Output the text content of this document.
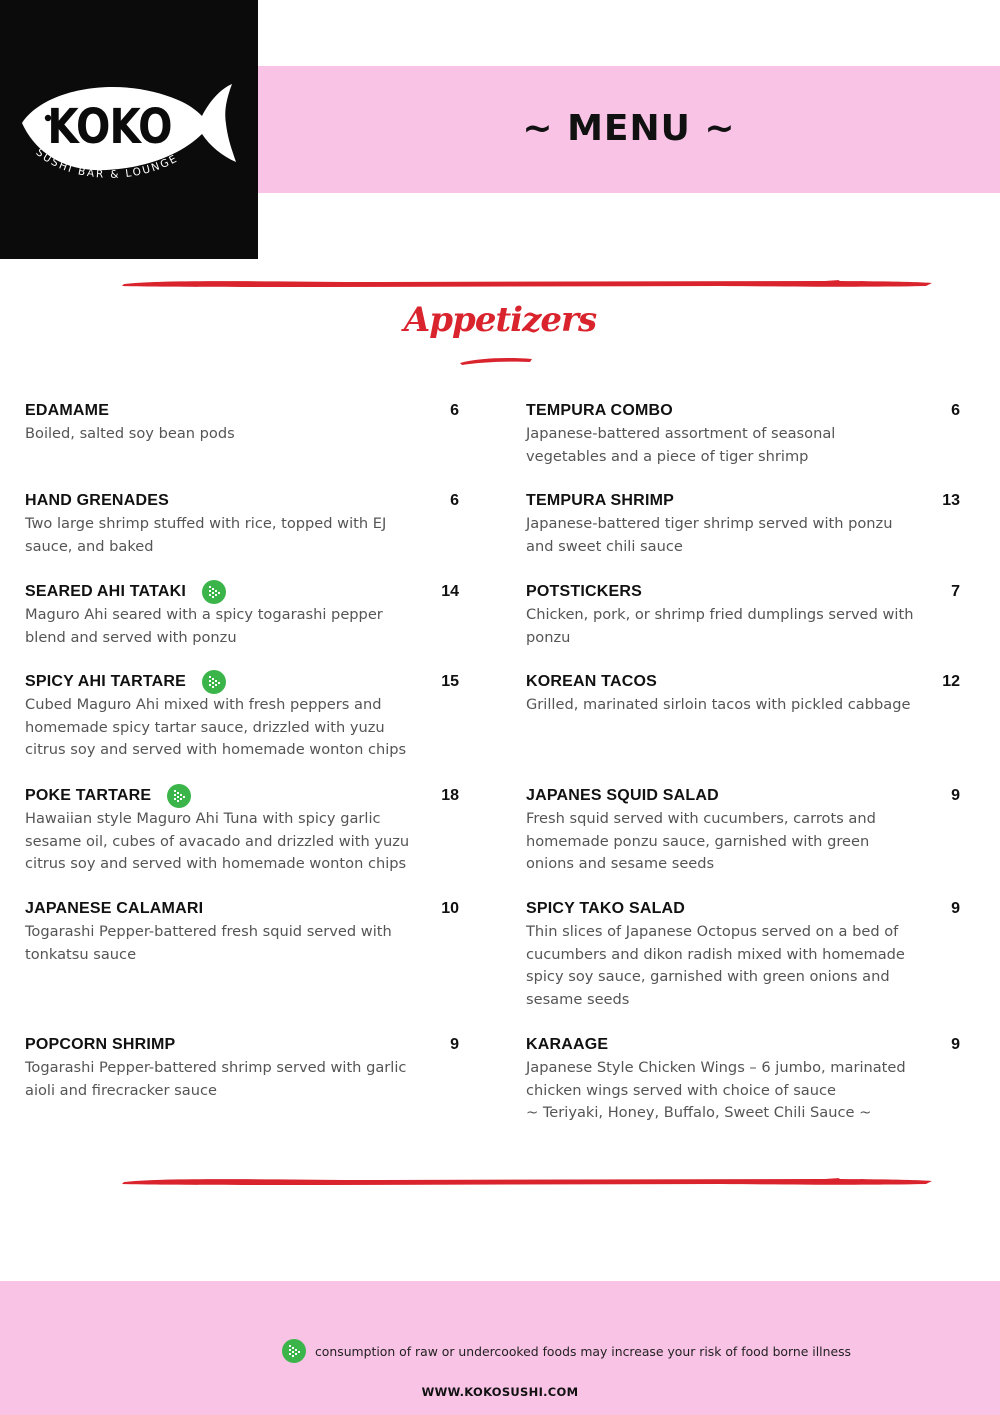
KOKO
SUSHI BAR & LOUNGE
~ MENU ~
Appetizers
EDAMAME	6
Boiled, salted soy bean pods
HAND GRENADES	6
Two large shrimp stuffed with rice, topped with EJ
sauce, and baked
SEARED AHI TATAKI	14
Maguro Ahi seared with a spicy togarashi pepper
blend and served with ponzu
SPICY AHI TARTARE	15
Cubed Maguro Ahi mixed with fresh peppers and
homemade spicy tartar sauce, drizzled with yuzu
citrus soy and served with homemade wonton chips
POKE TARTARE	18
Hawaiian style Maguro Ahi Tuna with spicy garlic
sesame oil, cubes of avacado and drizzled with yuzu
citrus soy and served with homemade wonton chips
JAPANESE CALAMARI	10
Togarashi Pepper-battered fresh squid served with
tonkatsu sauce
POPCORN SHRIMP	9
Togarashi Pepper-battered shrimp served with garlic
aioli and firecracker sauce
TEMPURA COMBO	6
Japanese-battered assortment of seasonal
vegetables and a piece of tiger shrimp
TEMPURA SHRIMP	13
Japanese-battered tiger shrimp served with ponzu
and sweet chili sauce
POTSTICKERS	7
Chicken, pork, or shrimp fried dumplings served with
ponzu
KOREAN TACOS	12
Grilled, marinated sirloin tacos with pickled cabbage
JAPANES SQUID SALAD	9
Fresh squid served with cucumbers, carrots and
homemade ponzu sauce, garnished with green
onions and sesame seeds
SPICY TAKO SALAD	9
Thin slices of Japanese Octopus served on a bed of
cucumbers and dikon radish mixed with homemade
spicy soy sauce, garnished with green onions and
sesame seeds
KARAAGE	9
Japanese Style Chicken Wings – 6 jumbo, marinated
chicken wings served with choice of sauce
~ Teriyaki, Honey, Buffalo, Sweet Chili Sauce ~
consumption of raw or undercooked foods may increase your risk of food borne illness
WWW.KOKOSUSHI.COM
